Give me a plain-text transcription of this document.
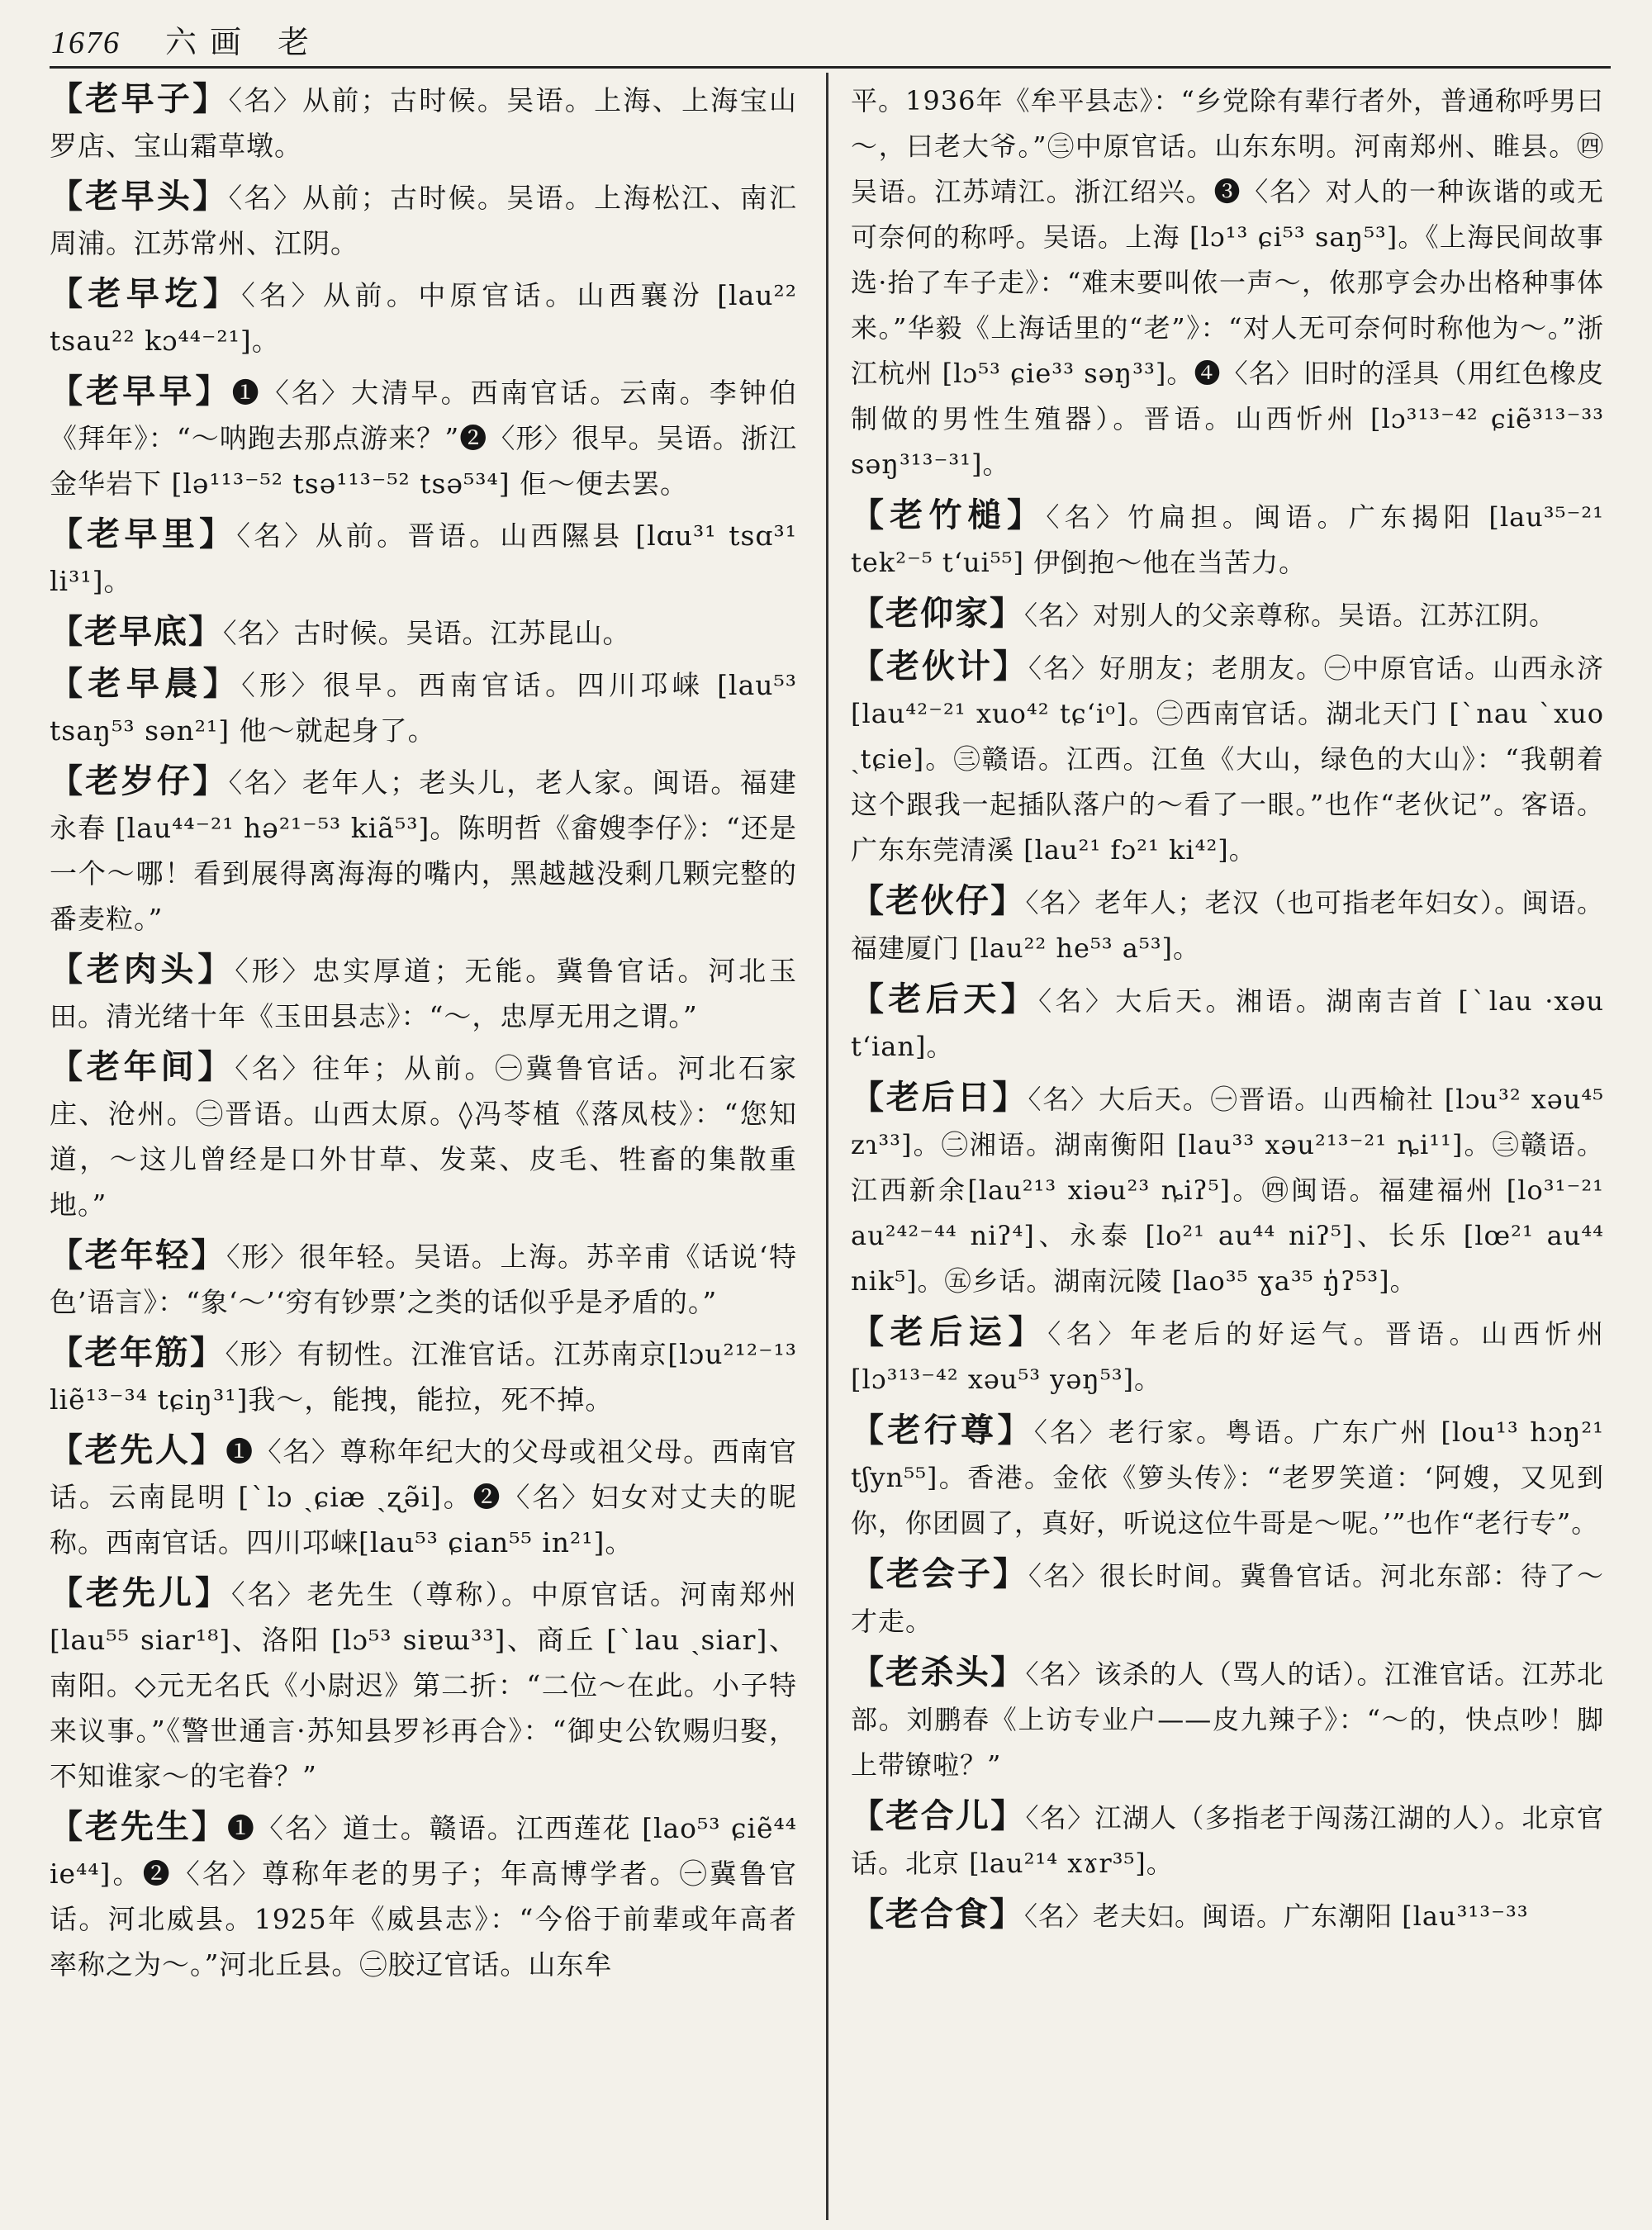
1676 六画 老
【老早子】〈名〉从前；古时候。吴语。上海、上海宝山罗店、宝山霜草墩。
【老早头】〈名〉从前；古时候。吴语。上海松江、南汇周浦。江苏常州、江阴。
【老早圪】〈名〉从前。中原官话。山西襄汾 [lau²² tsau²² kɔ⁴⁴⁻²¹]。
【老早早】❶〈名〉大清早。西南官话。云南。李钟伯《拜年》：“～呐跑去那点游来？”❷〈形〉很早。吴语。浙江金华岩下 [lə¹¹³⁻⁵² tsə¹¹³⁻⁵² tsə⁵³⁴] 佢～便去罢。
【老早里】〈名〉从前。晋语。山西隰县 [lɑu³¹ tsɑ³¹ li³¹]。
【老早底】〈名〉古时候。吴语。江苏昆山。
【老早晨】〈形〉很早。西南官话。四川邛崃 [lau⁵³ tsaŋ⁵³ sən²¹] 他～就起身了。
【老岁仔】〈名〉老年人；老头儿，老人家。闽语。福建永春 [lau⁴⁴⁻²¹ hə²¹⁻⁵³ kiã⁵³]。陈明哲《畲嫂李仔》：“还是一个～哪！看到展得离海海的嘴内，黑越越没剩几颗完整的番麦粒。”
【老肉头】〈形〉忠实厚道；无能。冀鲁官话。河北玉田。清光绪十年《玉田县志》：“～，忠厚无用之谓。”
【老年间】〈名〉往年；从前。㊀冀鲁官话。河北石家庄、沧州。㊁晋语。山西太原。◊冯苓植《落凤枝》：“您知道，～这儿曾经是口外甘草、发菜、皮毛、牲畜的集散重地。”
【老年轻】〈形〉很年轻。吴语。上海。苏辛甫《话说‘特色’语言》：“象‘～’‘穷有钞票’之类的话似乎是矛盾的。”
【老年筋】〈形〉有韧性。江淮官话。江苏南京[lɔu²¹²⁻¹³ liẽ¹³⁻³⁴ tɕiŋ³¹]我～，能拽，能拉，死不掉。
【老先人】❶〈名〉尊称年纪大的父母或祖父母。西南官话。云南昆明 [ˋlɔ ˏɕiæ ˏʐə̃i]。❷〈名〉妇女对丈夫的昵称。西南官话。四川邛崃[lau⁵³ ɕian⁵⁵ in²¹]。
【老先儿】〈名〉老先生（尊称）。中原官话。河南郑州[lau⁵⁵ siar¹⁸]、洛阳 [lɔ⁵³ siɐɯ³³]、商丘 [ˋlau ˏsiar]、南阳。◇元无名氏《小尉迟》第二折：“二位～在此。小子特来议事。”《警世通言·苏知县罗衫再合》：“御史公钦赐归娶，不知谁家～的宅眷？”
【老先生】❶〈名〉道士。赣语。江西莲花 [lao⁵³ ɕiẽ⁴⁴ ie⁴⁴]。❷〈名〉尊称年老的男子；年高博学者。㊀冀鲁官话。河北威县。1925年《威县志》：“今俗于前辈或年高者率称之为～。”河北丘县。㊁胶辽官话。山东牟
平。1936年《牟平县志》：“乡党除有辈行者外，普通称呼男曰～，曰老大爷。”㊂中原官话。山东东明。河南郑州、睢县。㊃吴语。江苏靖江。浙江绍兴。❸〈名〉对人的一种诙谐的或无可奈何的称呼。吴语。上海 [lɔ¹³ ɕi⁵³ saŋ⁵³]。《上海民间故事选·抬了车子走》：“难末要叫侬一声～，侬那亨会办出格种事体来。”华毅《上海话里的“老”》：“对人无可奈何时称他为～。”浙江杭州 [lɔ⁵³ ɕie³³ səŋ³³]。❹〈名〉旧时的淫具（用红色橡皮制做的男性生殖器）。晋语。山西忻州 [lɔ³¹³⁻⁴² ɕiẽ³¹³⁻³³ səŋ³¹³⁻³¹]。
【老竹槌】〈名〉竹扁担。闽语。广东揭阳 [lau³⁵⁻²¹ tek²⁻⁵ tʻui⁵⁵] 伊倒抱～他在当苦力。
【老仰家】〈名〉对别人的父亲尊称。吴语。江苏江阴。
【老伙计】〈名〉好朋友；老朋友。㊀中原官话。山西永济 [lau⁴²⁻²¹ xuo⁴² tɕʻiᵒ]。㊁西南官话。湖北天门 [ˋnau ˋxuo ˏtɕie]。㊂赣语。江西。江鱼《大山，绿色的大山》：“我朝着这个跟我一起插队落户的～看了一眼。”也作“老伙记”。客语。广东东莞清溪 [lau²¹ fɔ²¹ ki⁴²]。
【老伙仔】〈名〉老年人；老汉（也可指老年妇女）。闽语。福建厦门 [lau²² he⁵³ a⁵³]。
【老后天】〈名〉大后天。湘语。湖南吉首 [ˋlau ·xəu tʻian]。
【老后日】〈名〉大后天。㊀晋语。山西榆社 [lɔu³² xəu⁴⁵ zɿ³³]。㊁湘语。湖南衡阳 [lau³³ xəu²¹³⁻²¹ ȵi¹¹]。㊂赣语。江西新余[lau²¹³ xiəu²³ ȵiʔ⁵]。㊃闽语。福建福州 [lo³¹⁻²¹ au²⁴²⁻⁴⁴ niʔ⁴]、永泰 [lo²¹ au⁴⁴ niʔ⁵]、长乐 [lœ²¹ au⁴⁴ nik⁵]。㊄乡话。湖南沅陵 [lao³⁵ ɣa³⁵ ŋ̍ʔ⁵³]。
【老后运】〈名〉年老后的好运气。晋语。山西忻州 [lɔ³¹³⁻⁴² xəu⁵³ yəŋ⁵³]。
【老行尊】〈名〉老行家。粤语。广东广州 [lou¹³ hɔŋ²¹ tʃyn⁵⁵]。香港。金依《箩头传》：“老罗笑道：‘阿嫂，又见到你，你团圆了，真好，听说这位牛哥是～呢。’”也作“老行专”。
【老会子】〈名〉很长时间。冀鲁官话。河北东部：待了～才走。
【老杀头】〈名〉该杀的人（骂人的话）。江淮官话。江苏北部。刘鹏春《上访专业户——皮九辣子》：“～的，快点吵！脚上带镣啦？”
【老合儿】〈名〉江湖人（多指老于闯荡江湖的人）。北京官话。北京 [lau²¹⁴ xɤr³⁵]。
【老合食】〈名〉老夫妇。闽语。广东潮阳 [lau³¹³⁻³³
